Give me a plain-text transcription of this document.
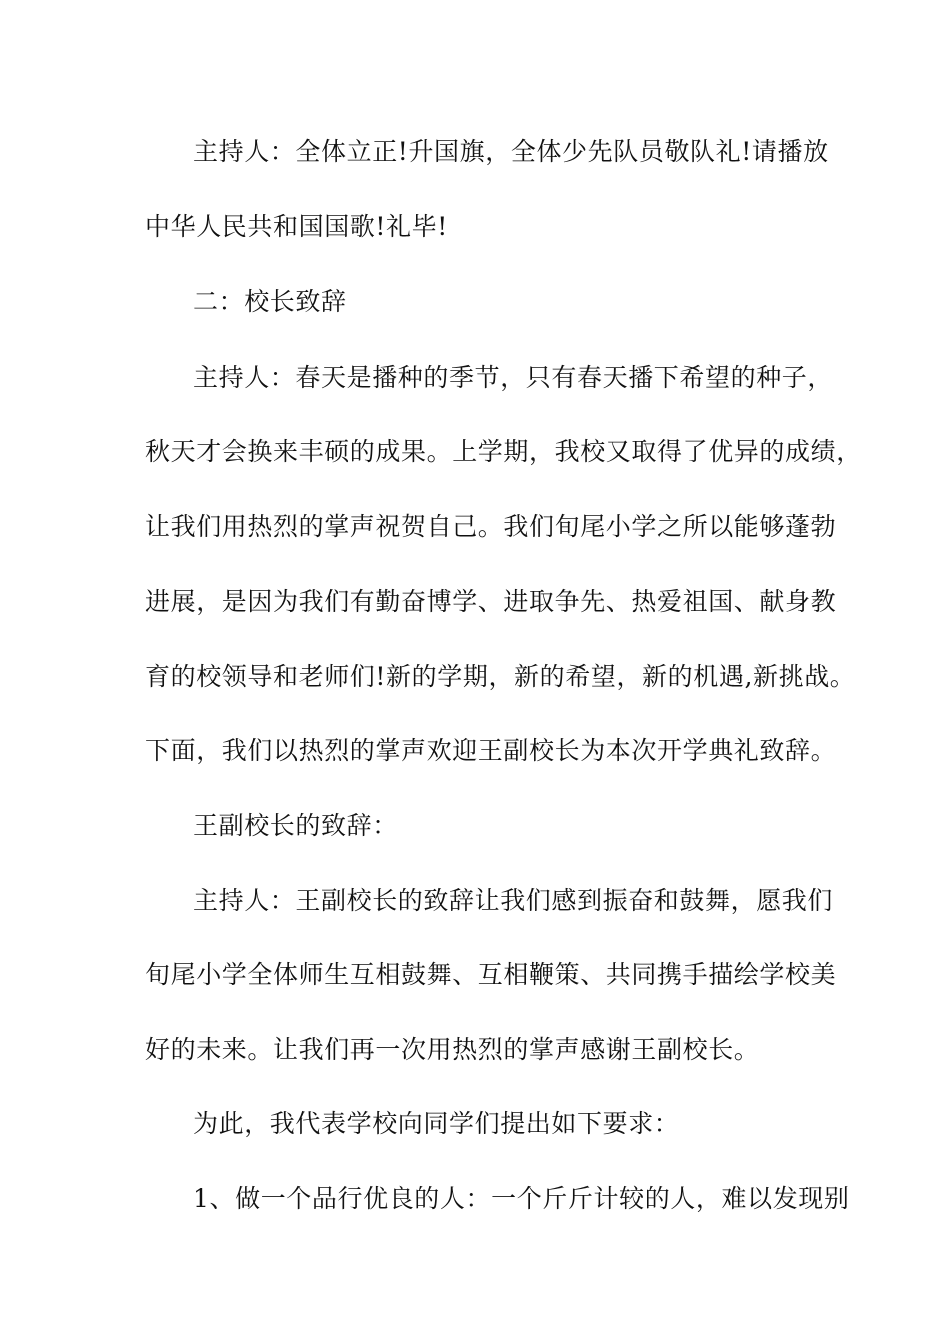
主持人：全体立正!升国旗，全体少先队员敬队礼!请播放
中华人民共和国国歌!礼毕!
二：校长致辞
主持人：春天是播种的季节，只有春天播下希望的种子，
秋天才会换来丰硕的成果。上学期，我校又取得了优异的成绩，
让我们用热烈的掌声祝贺自己。我们旬尾小学之所以能够蓬勃
进展，是因为我们有勤奋博学、进取争先、热爱祖国、献身教
育的校领导和老师们!新的学期，新的希望，新的机遇,新挑战。
下面，我们以热烈的掌声欢迎王副校长为本次开学典礼致辞。
王副校长的致辞：
主持人：王副校长的致辞让我们感到振奋和鼓舞，愿我们
旬尾小学全体师生互相鼓舞、互相鞭策、共同携手描绘学校美
好的未来。让我们再一次用热烈的掌声感谢王副校长。
为此，我代表学校向同学们提出如下要求：
1、做一个品行优良的人：一个斤斤计较的人，难以发现别
